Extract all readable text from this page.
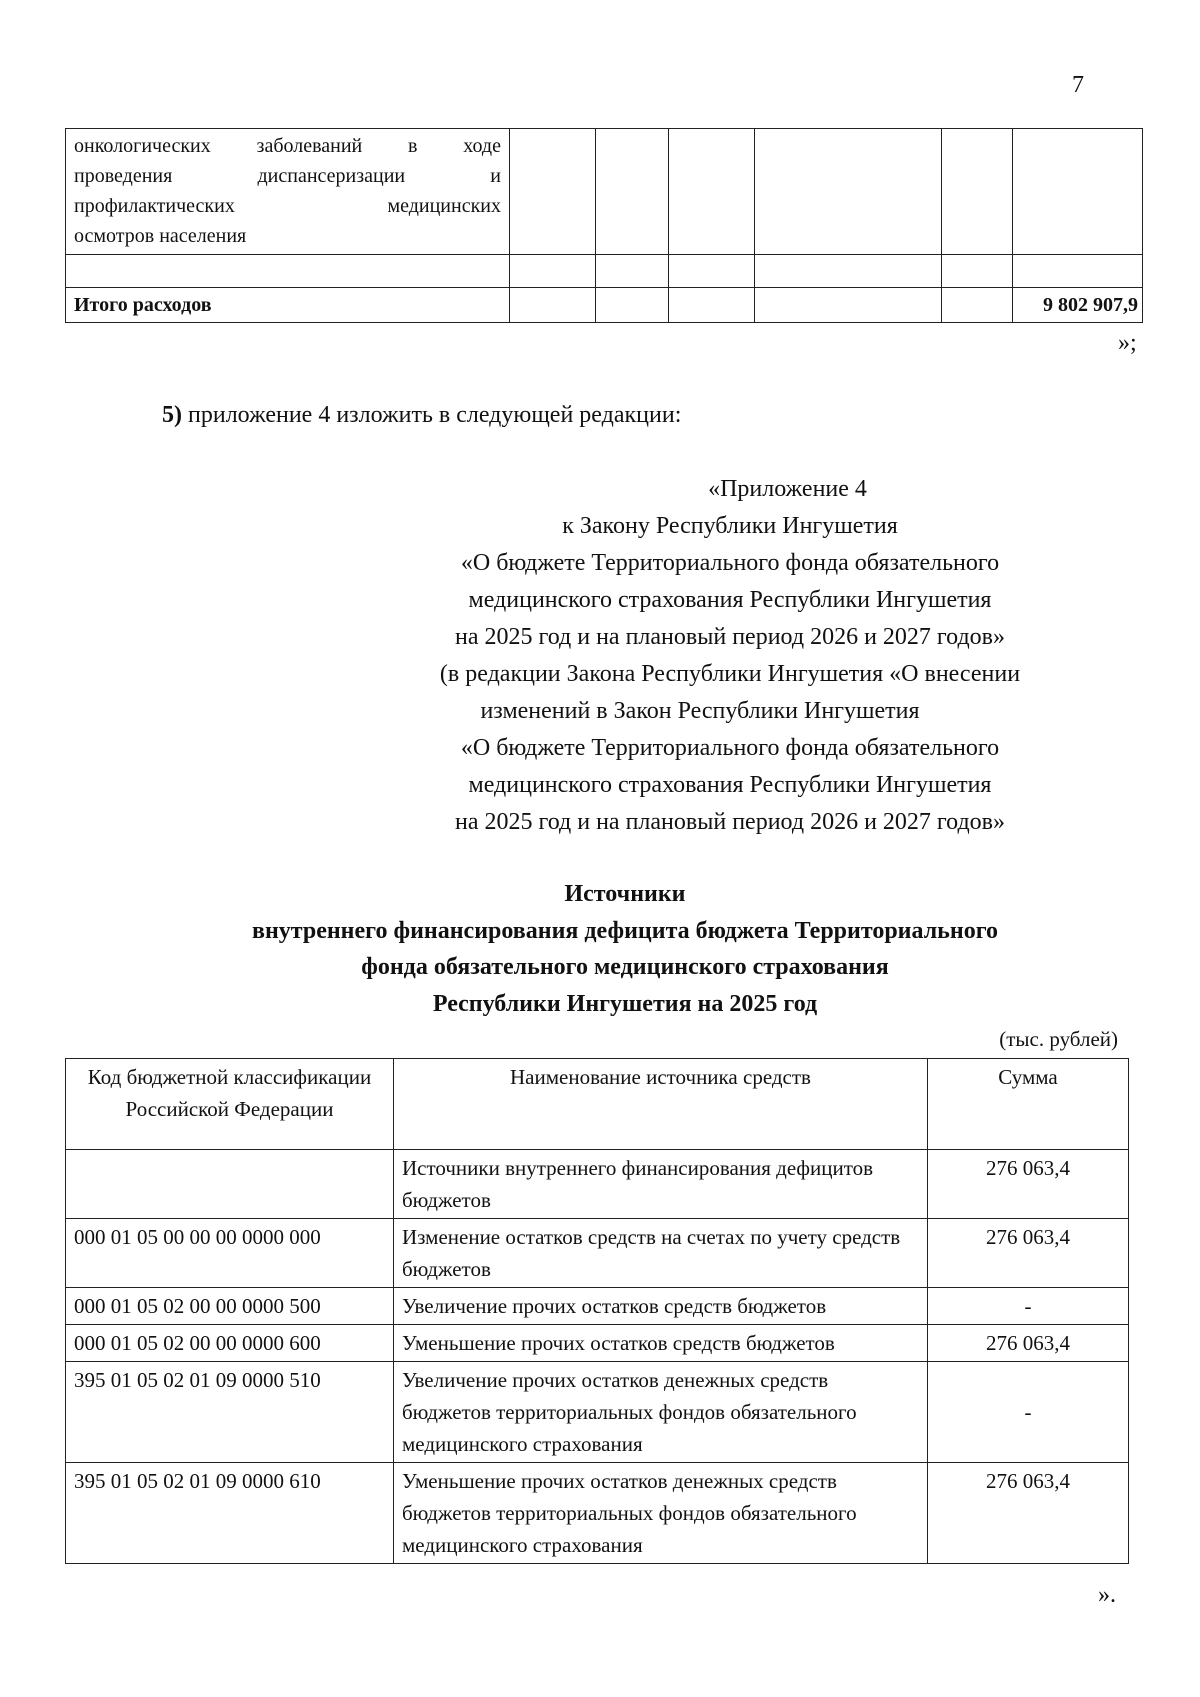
7
онкологических заболеваний в ходе
проведения диспансеризации и
профилактических медицинских
осмотров населения						

Итого расходов						9 802 907,9
»;
5) приложение 4 изложить в следующей редакции:
«Приложение 4
к Закону Республики Ингушетия
«О бюджете Территориального фонда обязательного
медицинского страхования Республики Ингушетия
на 2025 год и на плановый период 2026 и 2027 годов»
(в редакции Закона Республики Ингушетия «О внесении
изменений в Закон Республики Ингушетия
«О бюджете Территориального фонда обязательного
медицинского страхования Республики Ингушетия
на 2025 год и на плановый период 2026 и 2027 годов»
Источники
внутреннего финансирования дефицита бюджета Территориального
фонда обязательного медицинского страхования
Республики Ингушетия на 2025 год
(тыс. рублей)
Код бюджетной классификации Российской Федерации	Наименование источника средств	Сумма
	Источники внутреннего финансирования дефицитов бюджетов	276 063,4
000 01 05 00 00 00 0000 000	Изменение остатков средств на счетах по учету средств бюджетов	276 063,4
000 01 05 02 00 00 0000 500	Увеличение прочих остатков средств бюджетов	-
000 01 05 02 00 00 0000 600	Уменьшение прочих остатков средств бюджетов	276 063,4
395 01 05 02 01 09 0000 510	Увеличение прочих остатков денежных средств бюджетов территориальных фондов обязательного медицинского страхования	-
395 01 05 02 01 09 0000 610	Уменьшение прочих остатков денежных средств бюджетов территориальных фондов обязательного медицинского страхования	276 063,4
».
